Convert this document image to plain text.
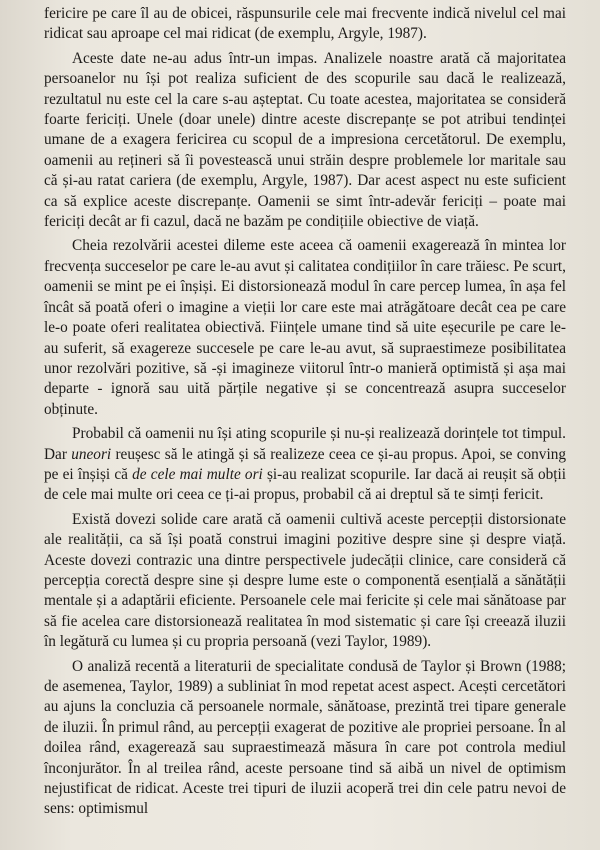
fericire pe care îl au de obicei, răspunsurile cele mai frecvente indică nivelul cel mai ridicat sau aproape cel mai ridicat (de exemplu, Argyle, 1987).

Aceste date ne-au adus într-un impas. Analizele noastre arată că majoritatea persoanelor nu își pot realiza suficient de des scopurile sau dacă le realizează, rezultatul nu este cel la care s-au așteptat. Cu toate acestea, majoritatea se consideră foarte fericiți. Unele (doar unele) dintre aceste discrepanțe se pot atribui tendinței umane de a exagera fericirea cu scopul de a impresiona cercetătorul. De exemplu, oamenii au rețineri să îi povestească unui străin despre problemele lor maritale sau că și-au ratat cariera (de exemplu, Argyle, 1987). Dar acest aspect nu este suficient ca să explice aceste discrepanțe. Oamenii se simt într-adevăr fericiți – poate mai fericiți decât ar fi cazul, dacă ne bazăm pe condițiile obiective de viață.

Cheia rezolvării acestei dileme este aceea că oamenii exagerează în mintea lor frecvența succeselor pe care le-au avut și calitatea condițiilor în care trăiesc. Pe scurt, oamenii se mint pe ei înșiși. Ei distorsionează modul în care percep lumea, în așa fel încât să poată oferi o imagine a vieții lor care este mai atrăgătoare decât cea pe care le-o poate oferi realitatea obiectivă. Ființele umane tind să uite eșecurile pe care le-au suferit, să exagereze succesele pe care le-au avut, să supraestimeze posibilitatea unor rezolvări pozitive, să -și imagineze viitorul într-o manieră optimistă și așa mai departe - ignoră sau uită părțile negative și se concentrează asupra succeselor obținute.

Probabil că oamenii nu își ating scopurile și nu-și realizează dorințele tot timpul. Dar uneori reușesc să le atingă și să realizeze ceea ce și-au propus. Apoi, se conving pe ei înșiși că de cele mai multe ori și-au realizat scopurile. Iar dacă ai reușit să obții de cele mai multe ori ceea ce ți-ai propus, probabil că ai dreptul să te simți fericit.

Există dovezi solide care arată că oamenii cultivă aceste percepții distorsionate ale realității, ca să își poată construi imagini pozitive despre sine și despre viață. Aceste dovezi contrazic una dintre perspectivele judecății clinice, care consideră că percepția corectă despre sine și despre lume este o componentă esențială a sănătății mentale și a adaptării eficiente. Persoanele cele mai fericite și cele mai sănătoase par să fie acelea care distorsionează realitatea în mod sistematic și care își creează iluzii în legătură cu lumea și cu propria persoană (vezi Taylor, 1989).

O analiză recentă a literaturii de specialitate condusă de Taylor și Brown (1988; de asemenea, Taylor, 1989) a subliniat în mod repetat acest aspect. Acești cercetători au ajuns la concluzia că persoanele normale, sănătoase, prezintă trei tipare generale de iluzii. În primul rând, au percepții exagerat de pozitive ale propriei persoane. În al doilea rând, exagerează sau supraestimează măsura în care pot controla mediul înconjurător. În al treilea rând, aceste persoane tind să aibă un nivel de optimism nejustificat de ridicat. Aceste trei tipuri de iluzii acoperă trei din cele patru nevoi de sens: optimismul
